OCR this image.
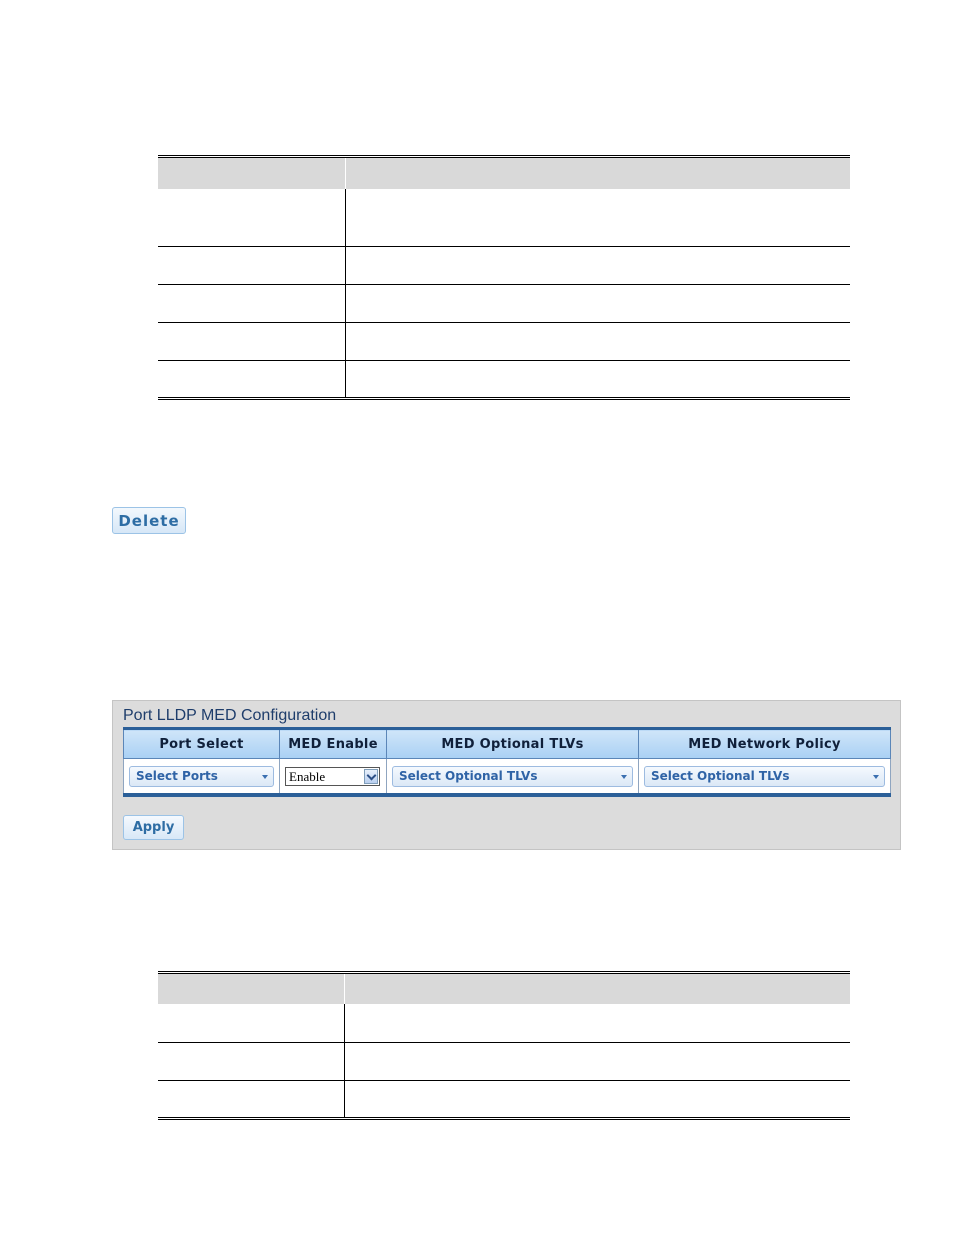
Delete
Port LLDP MED Configuration
Port Select	MED Enable	MED Optional TLVs	MED Network Policy

Select Ports	Enable	Select Optional TLVs	Select Optional TLVs
Apply
